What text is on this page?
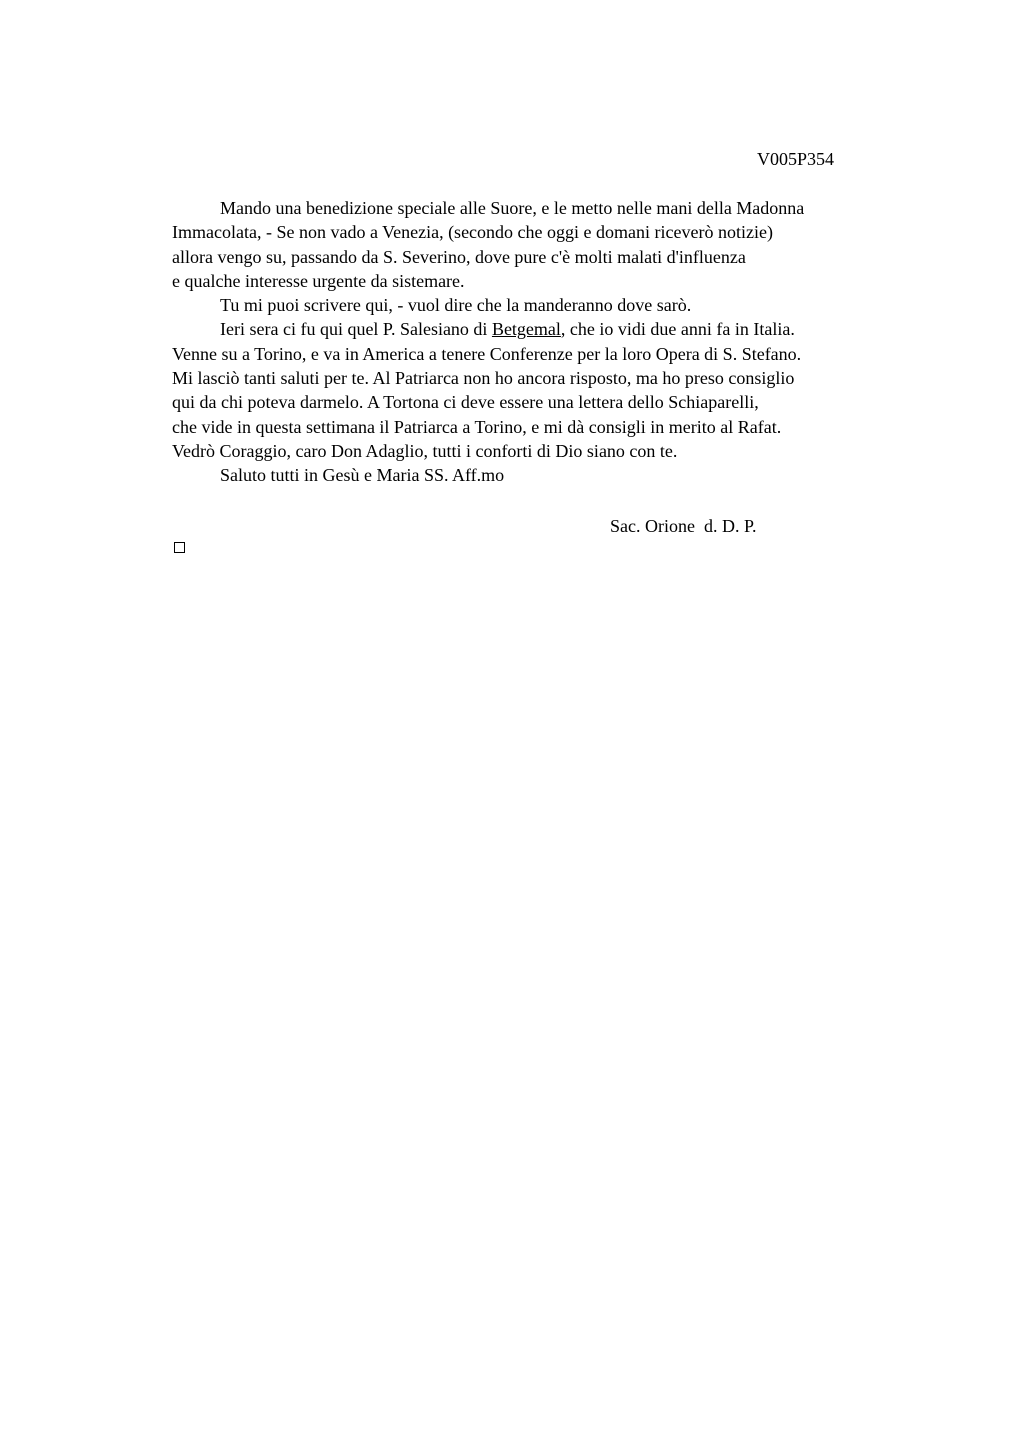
V005P354
Mando una benedizione speciale alle Suore, e le metto nelle mani della Madonna
Immacolata, - Se non vado a Venezia, (secondo che oggi e domani riceverò notizie)
allora vengo su, passando da S. Severino, dove pure c'è molti malati d'influenza
e qualche interesse urgente da sistemare.
Tu mi puoi scrivere qui, - vuol dire che la manderanno dove sarò.
Ieri sera ci fu qui quel P. Salesiano di Betgemal, che io vidi due anni fa in Italia.
Venne su a Torino, e va in America a tenere Conferenze per la loro Opera di S. Stefano.
Mi lasciò tanti saluti per te. Al Patriarca non ho ancora risposto, ma ho preso consiglio
qui da chi poteva darmelo. A Tortona ci deve essere una lettera dello Schiaparelli,
che vide in questa settimana il Patriarca a Torino, e mi dà consigli in merito al Rafat.
Vedrò Coraggio, caro Don Adaglio, tutti i conforti di Dio siano con te.
Saluto tutti in Gesù e Maria SS. Aff.mo
Sac. Orione  d. D. P.
